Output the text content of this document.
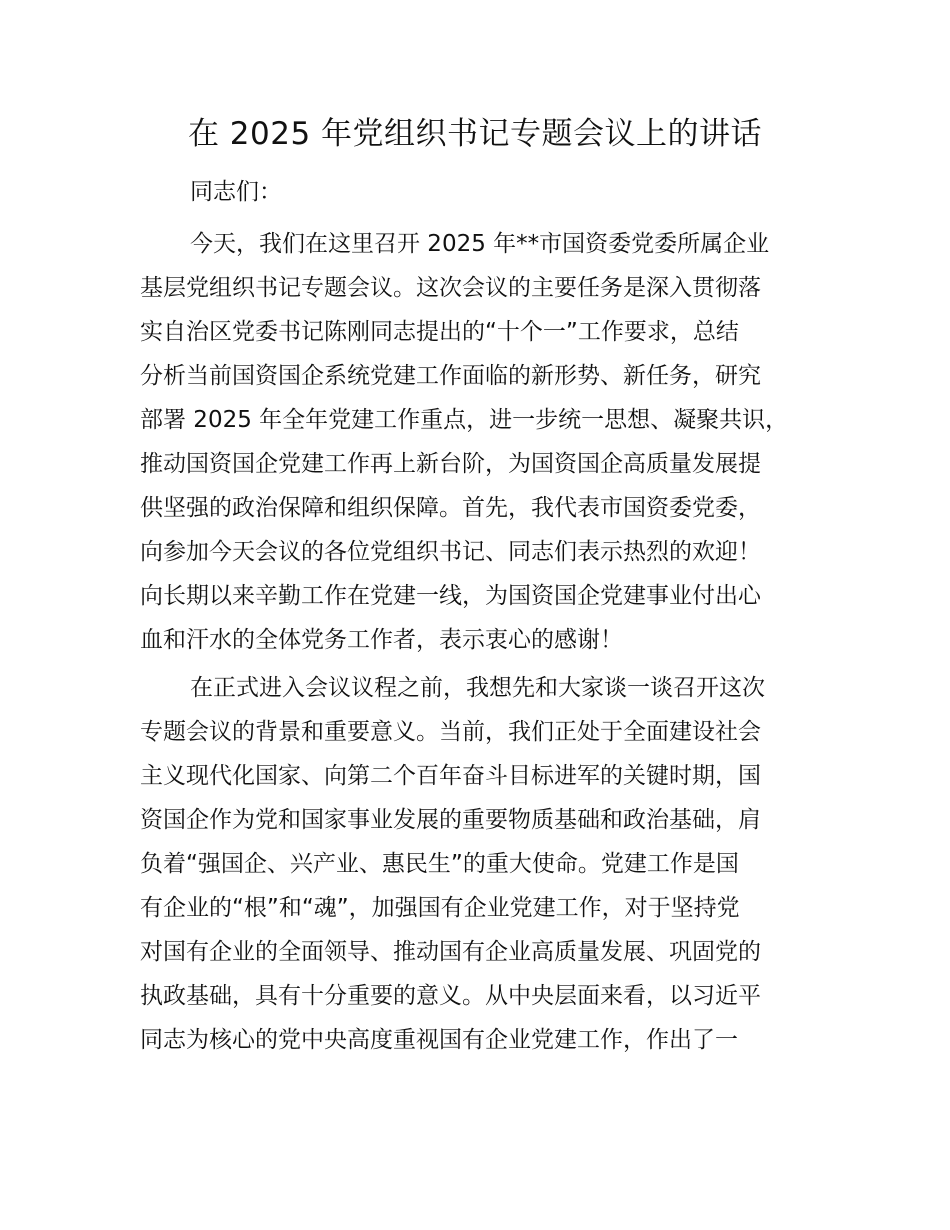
在 2025 年党组织书记专题会议上的讲话
同志们：
今天，我们在这里召开 2025 年**市国资委党委所属企业
基层党组织书记专题会议。这次会议的主要任务是深入贯彻落
实自治区党委书记陈刚同志提出的“十个一”工作要求，总结
分析当前国资国企系统党建工作面临的新形势、新任务，研究
部署 2025 年全年党建工作重点，进一步统一思想、凝聚共识，
推动国资国企党建工作再上新台阶，为国资国企高质量发展提
供坚强的政治保障和组织保障。首先，我代表市国资委党委，
向参加今天会议的各位党组织书记、同志们表示热烈的欢迎！
向长期以来辛勤工作在党建一线，为国资国企党建事业付出心
血和汗水的全体党务工作者，表示衷心的感谢！
在正式进入会议议程之前，我想先和大家谈一谈召开这次
专题会议的背景和重要意义。当前，我们正处于全面建设社会
主义现代化国家、向第二个百年奋斗目标进军的关键时期，国
资国企作为党和国家事业发展的重要物质基础和政治基础，肩
负着“强国企、兴产业、惠民生”的重大使命。党建工作是国
有企业的“根”和“魂”，加强国有企业党建工作，对于坚持党
对国有企业的全面领导、推动国有企业高质量发展、巩固党的
执政基础，具有十分重要的意义。从中央层面来看，以习近平
同志为核心的党中央高度重视国有企业党建工作，作出了一
